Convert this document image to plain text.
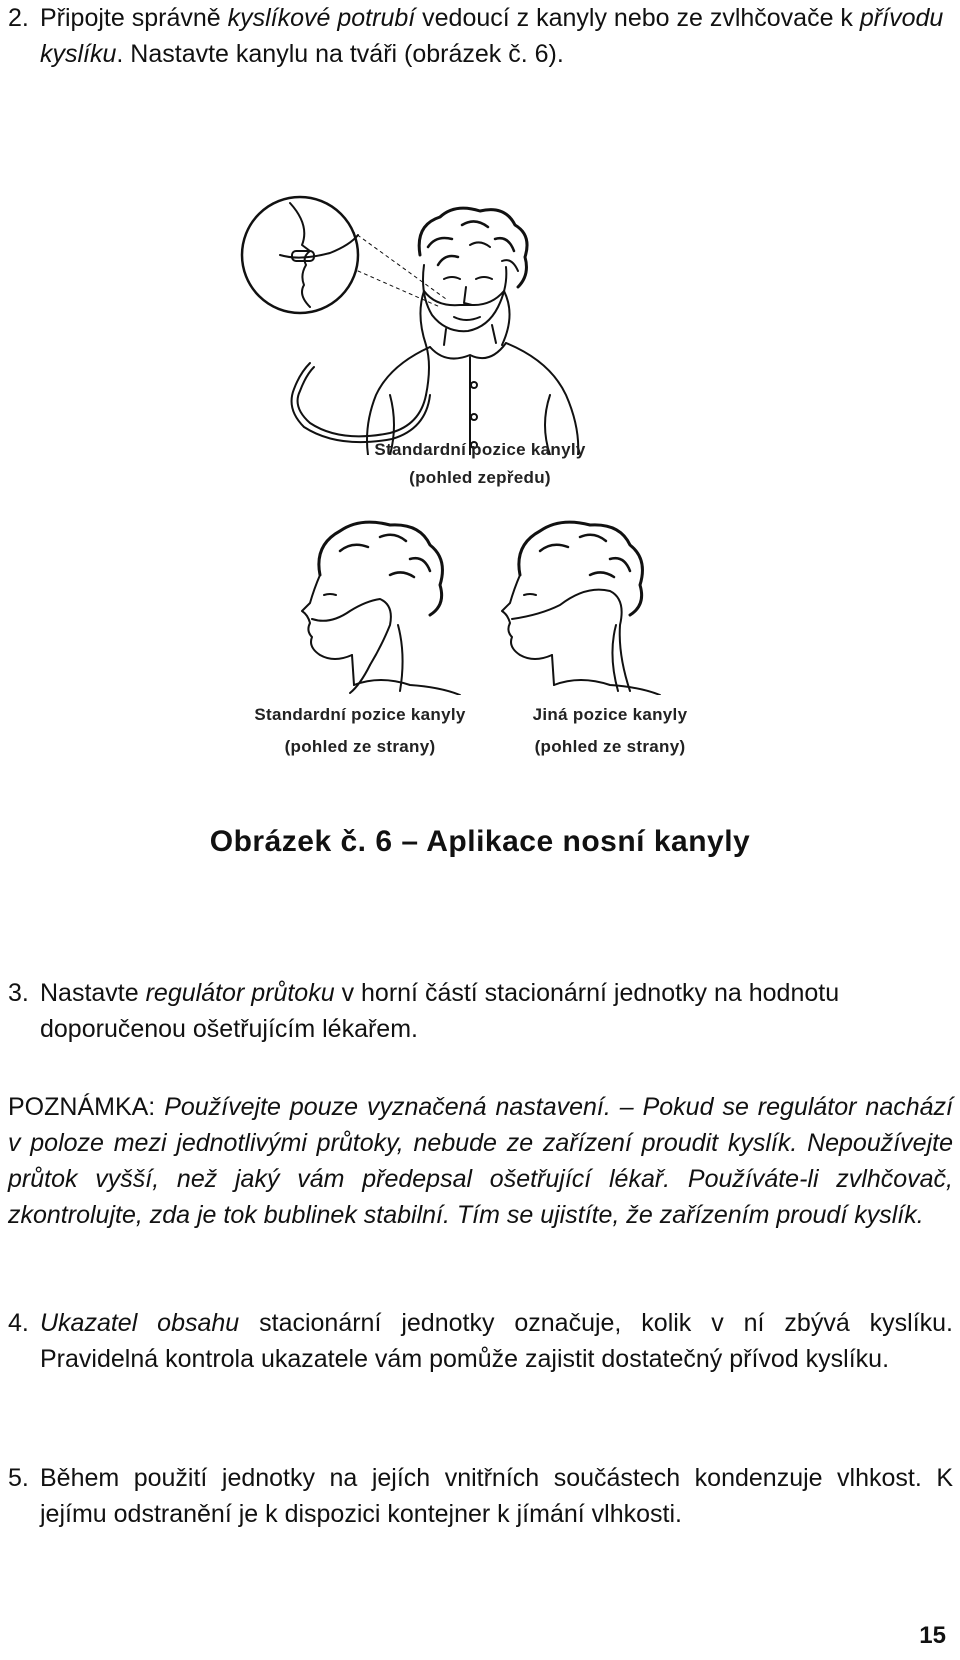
2. Připojte správně kyslíkové potrubí vedoucí z kanyly nebo ze zvlhčovače k přívodu kyslíku. Nastavte kanylu na tváři (obrázek č. 6).
Standardní pozice kanyly
(pohled zepředu)
Standardní pozice kanyly
(pohled ze strany)
Jiná pozice kanyly
(pohled ze strany)
Obrázek č. 6 – Aplikace nosní kanyly
3. Nastavte regulátor průtoku v horní částí stacionární jednotky na hodnotu doporučenou ošetřujícím lékařem.
POZNÁMKA: Používejte pouze vyznačená nastavení. – Pokud se regulátor nachází v poloze mezi jednotlivými průtoky, nebude ze zařízení proudit kyslík. Nepoužívejte průtok vyšší, než jaký vám předepsal ošetřující lékař. Používáte-li zvlhčovač, zkontrolujte, zda je tok bublinek stabilní. Tím se ujistíte, že zařízením proudí kyslík.
4. Ukazatel obsahu stacionární jednotky označuje, kolik v ní zbývá kyslíku. Pravidelná kontrola ukazatele vám pomůže zajistit dostatečný přívod kyslíku.
5. Během použití jednotky na jejích vnitřních součástech kondenzuje vlhkost. K jejímu odstranění je k dispozici kontejner k jímání vlhkosti.
15
